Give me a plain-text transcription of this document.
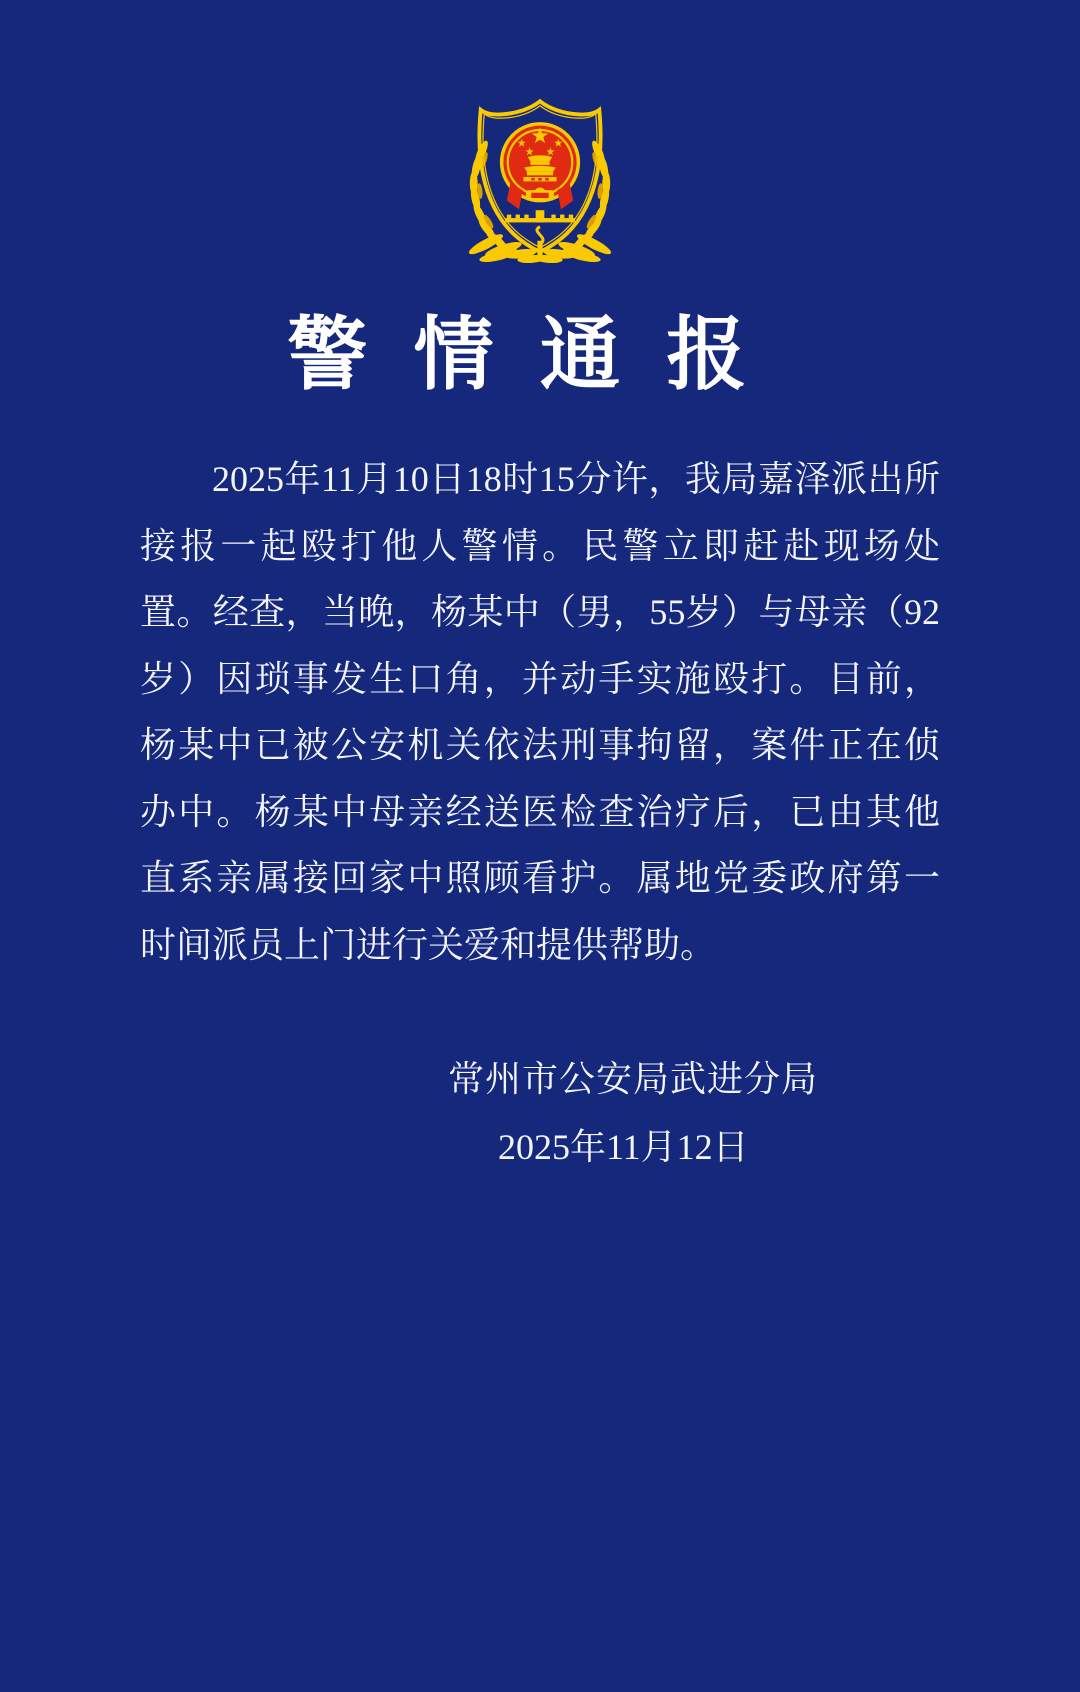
警情通报
2025年11月10日18时15分许，我局嘉泽派出所
接报一起殴打他人警情。民警立即赶赴现场处
置。经查，当晚，杨某中（男，55岁）与母亲（92
岁）因琐事发生口角，并动手实施殴打。目前，
杨某中已被公安机关依法刑事拘留，案件正在侦
办中。杨某中母亲经送医检查治疗后，已由其他
直系亲属接回家中照顾看护。属地党委政府第一
时间派员上门进行关爱和提供帮助。
常州市公安局武进分局
2025年11月12日
